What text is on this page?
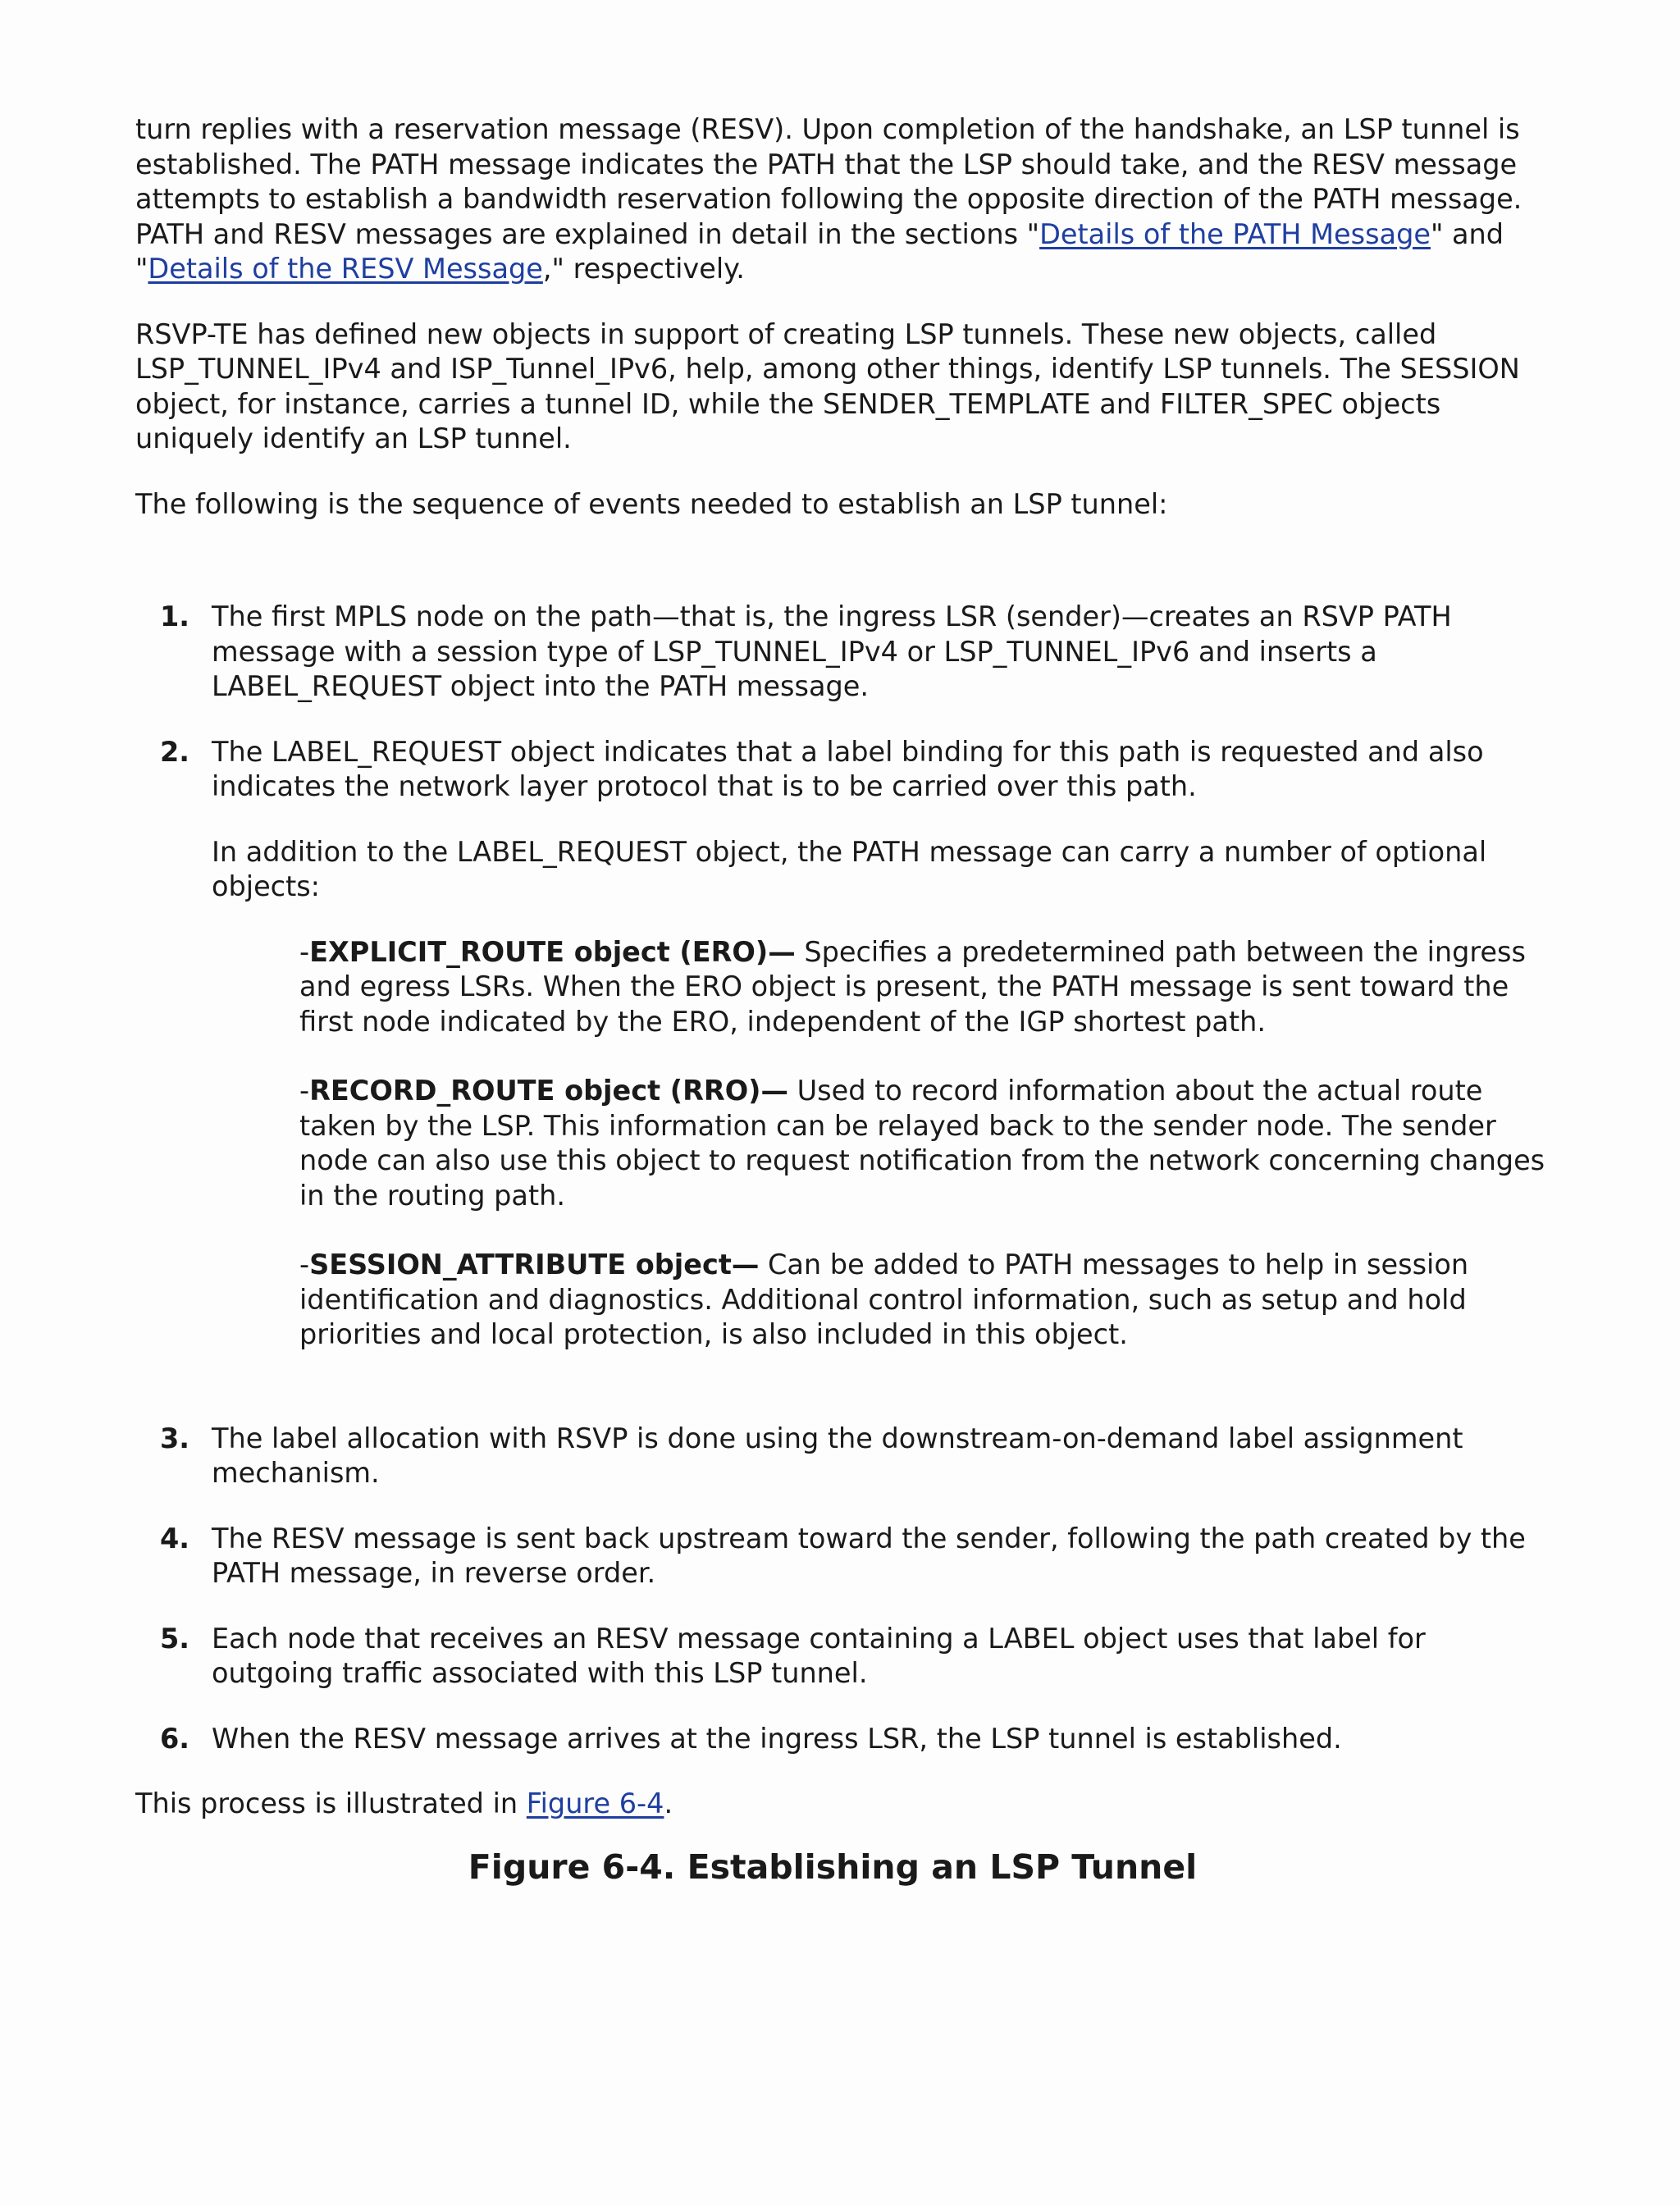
turn replies with a reservation message (RESV). Upon completion of the handshake, an LSP tunnel is established. The PATH message indicates the PATH that the LSP should take, and the RESV message attempts to establish a bandwidth reservation following the opposite direction of the PATH message. PATH and RESV messages are explained in detail in the sections "Details of the PATH Message" and "Details of the RESV Message," respectively.

RSVP-TE has defined new objects in support of creating LSP tunnels. These new objects, called LSP_TUNNEL_IPv4 and ISP_Tunnel_IPv6, help, among other things, identify LSP tunnels. The SESSION object, for instance, carries a tunnel ID, while the SENDER_TEMPLATE and FILTER_SPEC objects uniquely identify an LSP tunnel.

The following is the sequence of events needed to establish an LSP tunnel:

1. The first MPLS node on the path—that is, the ingress LSR (sender)—creates an RSVP PATH message with a session type of LSP_TUNNEL_IPv4 or LSP_TUNNEL_IPv6 and inserts a LABEL_REQUEST object into the PATH message.

2. The LABEL_REQUEST object indicates that a label binding for this path is requested and also indicates the network layer protocol that is to be carried over this path.

In addition to the LABEL_REQUEST object, the PATH message can carry a number of optional objects:

-EXPLICIT_ROUTE object (ERO)— Specifies a predetermined path between the ingress and egress LSRs. When the ERO object is present, the PATH message is sent toward the first node indicated by the ERO, independent of the IGP shortest path.

-RECORD_ROUTE object (RRO)— Used to record information about the actual route taken by the LSP. This information can be relayed back to the sender node. The sender node can also use this object to request notification from the network concerning changes in the routing path.

-SESSION_ATTRIBUTE object— Can be added to PATH messages to help in session identification and diagnostics. Additional control information, such as setup and hold priorities and local protection, is also included in this object.

3. The label allocation with RSVP is done using the downstream-on-demand label assignment mechanism.

4. The RESV message is sent back upstream toward the sender, following the path created by the PATH message, in reverse order.

5. Each node that receives an RESV message containing a LABEL object uses that label for outgoing traffic associated with this LSP tunnel.

6. When the RESV message arrives at the ingress LSR, the LSP tunnel is established.

This process is illustrated in Figure 6-4.

Figure 6-4. Establishing an LSP Tunnel
